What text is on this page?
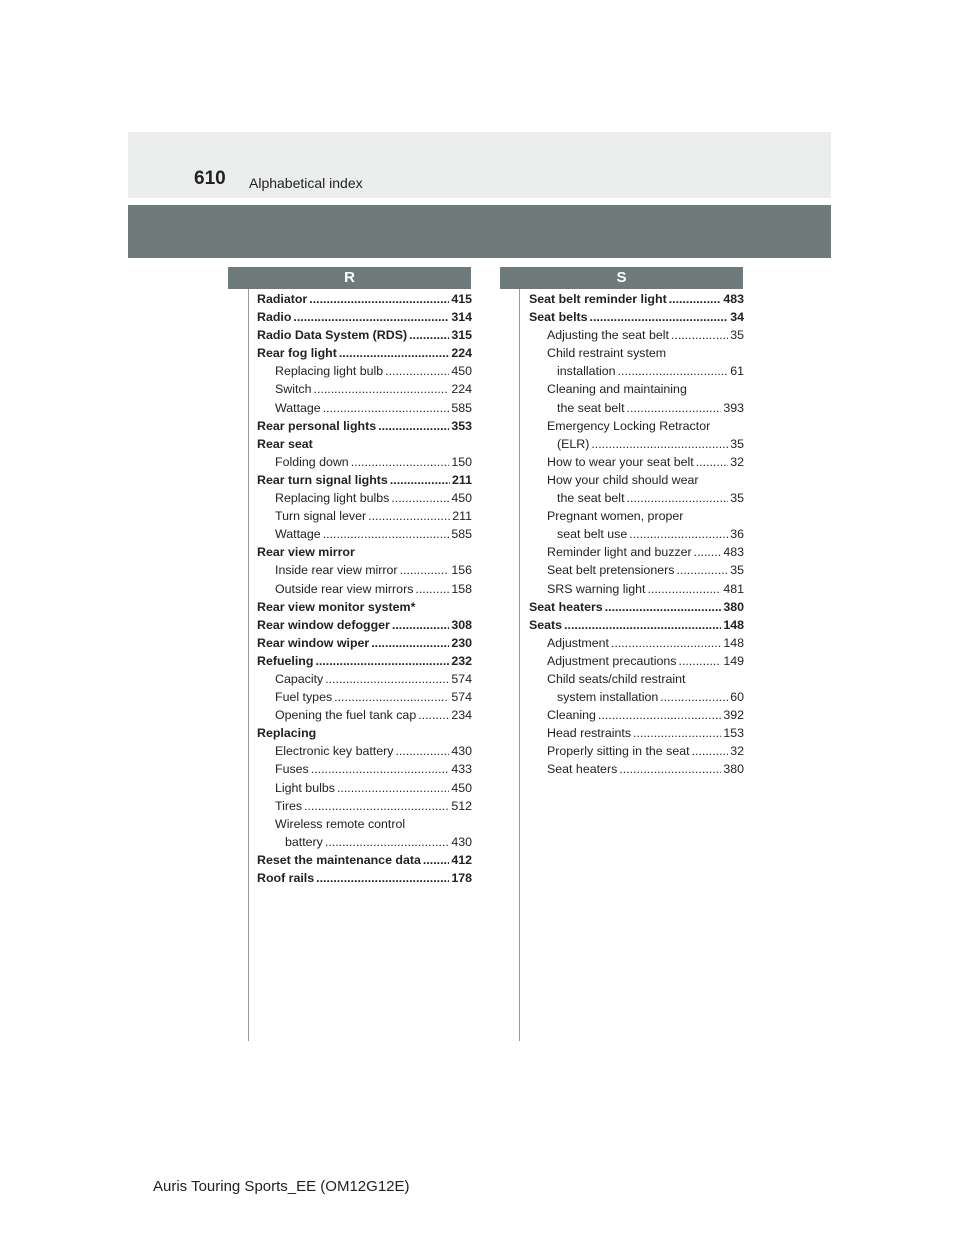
610 Alphabetical index
R	S
Radiator .....	415
Radio .....	314
Radio Data System (RDS) .....	315
Rear fog light .....	224
Replacing light bulb .....	450
Switch .....	224
Wattage .....	585
Rear personal lights .....	353
Rear seat
Folding down .....	150
Rear turn signal lights .....	211
Replacing light bulbs .....	450
Turn signal lever .....	211
Wattage .....	585
Rear view mirror
Inside rear view mirror .....	156
Outside rear view mirrors .....	158
Rear view monitor system*
Rear window defogger .....	308
Rear window wiper .....	230
Refueling .....	232
Capacity .....	574
Fuel types .....	574
Opening the fuel tank cap .....	234
Replacing
Electronic key battery .....	430
Fuses .....	433
Light bulbs .....	450
Tires .....	512
Wireless remote control
battery .....	430
Reset the maintenance data ..... 412
Roof rails .....	178
Seat belt reminder light .....	483
Seat belts .....	34
Adjusting the seat belt .....	35
Child restraint system
installation .....	61
Cleaning and maintaining
the seat belt .....	393
Emergency Locking Retractor
(ELR) .....	35
How to wear your seat belt .....	32
How your child should wear
the seat belt .....	35
Pregnant women, proper
seat belt use .....	36
Reminder light and buzzer .....	483
Seat belt pretensioners .....	35
SRS warning light .....	481
Seat heaters .....	380
Seats .....	148
Adjustment .....	148
Adjustment precautions .....	149
Child seats/child restraint
system installation .....	60
Cleaning .....	392
Head restraints .....	153
Properly sitting in the seat .....	32
Seat heaters .....	380
Auris Touring Sports_EE (OM12G12E)
